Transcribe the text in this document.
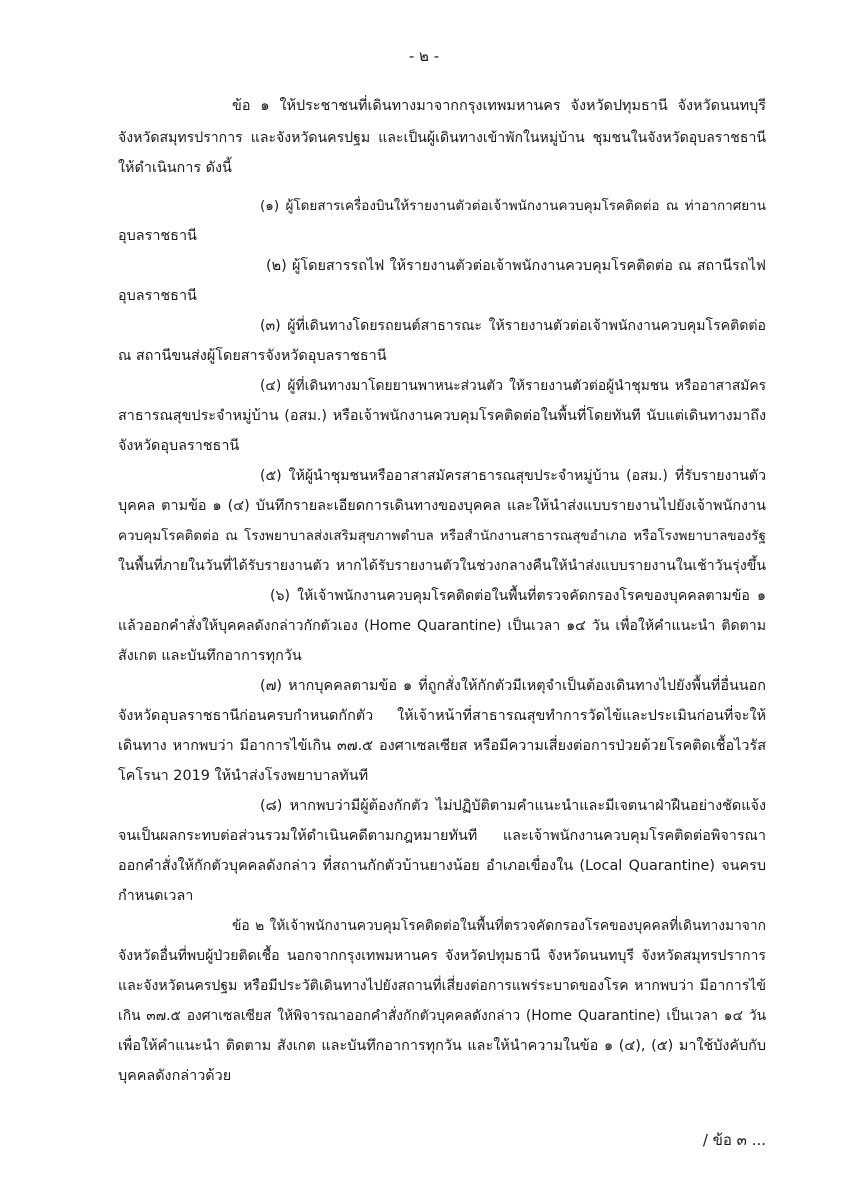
- ๒ -
ข้อ ๑ ให้ประชาชนที่เดินทางมาจากกรุงเทพมหานคร จังหวัดปทุมธานี จังหวัดนนทบุรี
จังหวัดสมุทรปราการ และจังหวัดนครปฐม และเป็นผู้เดินทางเข้าพักในหมู่บ้าน ชุมชนในจังหวัดอุบลราชธานี
ให้ดำเนินการ ดังนี้
(๑) ผู้โดยสารเครื่องบินให้รายงานตัวต่อเจ้าพนักงานควบคุมโรคติดต่อ ณ ท่าอากาศยาน
อุบลราชธานี
(๒) ผู้โดยสารรถไฟ ให้รายงานตัวต่อเจ้าพนักงานควบคุมโรคติดต่อ ณ สถานีรถไฟ
อุบลราชธานี
(๓) ผู้ที่เดินทางโดยรถยนต์สาธารณะ ให้รายงานตัวต่อเจ้าพนักงานควบคุมโรคติดต่อ
ณ สถานีขนส่งผู้โดยสารจังหวัดอุบลราชธานี
(๔) ผู้ที่เดินทางมาโดยยานพาหนะส่วนตัว ให้รายงานตัวต่อผู้นำชุมชน หรืออาสาสมัคร
สาธารณสุขประจำหมู่บ้าน (อสม.) หรือเจ้าพนักงานควบคุมโรคติดต่อในพื้นที่โดยทันที นับแต่เดินทางมาถึง
จังหวัดอุบลราชธานี
(๕) ให้ผู้นำชุมชนหรืออาสาสมัครสาธารณสุขประจำหมู่บ้าน (อสม.) ที่รับรายงานตัว
บุคคล ตามข้อ ๑ (๔) บันทึกรายละเอียดการเดินทางของบุคคล และให้นำส่งแบบรายงานไปยังเจ้าพนักงาน
ควบคุมโรคติดต่อ ณ โรงพยาบาลส่งเสริมสุขภาพตำบล หรือสำนักงานสาธารณสุขอำเภอ หรือโรงพยาบาลของรัฐ
ในพื้นที่ภายในวันที่ได้รับรายงานตัว หากได้รับรายงานตัวในช่วงกลางคืนให้นำส่งแบบรายงานในเช้าวันรุ่งขึ้น
(๖) ให้เจ้าพนักงานควบคุมโรคติดต่อในพื้นที่ตรวจคัดกรองโรคของบุคคลตามข้อ ๑
แล้วออกคำสั่งให้บุคคลดังกล่าวกักตัวเอง (Home Quarantine) เป็นเวลา ๑๔ วัน เพื่อให้คำแนะนำ ติดตาม
สังเกต และบันทึกอาการทุกวัน
(๗) หากบุคคลตามข้อ ๑ ที่ถูกสั่งให้กักตัวมีเหตุจำเป็นต้องเดินทางไปยังพื้นที่อื่นนอก
จังหวัดอุบลราชธานีก่อนครบกำหนดกักตัว ให้เจ้าหน้าที่สาธารณสุขทำการวัดไข้และประเมินก่อนที่จะให้
เดินทาง หากพบว่า มีอาการไข้เกิน ๓๗.๕ องศาเซลเซียส หรือมีความเสี่ยงต่อการป่วยด้วยโรคติดเชื้อไวรัส
โคโรนา 2019 ให้นำส่งโรงพยาบาลทันที
(๘) หากพบว่ามีผู้ต้องกักตัว ไม่ปฏิบัติตามคำแนะนำและมีเจตนาฝ่าฝืนอย่างชัดแจ้ง
จนเป็นผลกระทบต่อส่วนรวมให้ดำเนินคดีตามกฎหมายทันที และเจ้าพนักงานควบคุมโรคติดต่อพิจารณา
ออกคำสั่งให้กักตัวบุคคลดังกล่าว ที่สถานกักตัวบ้านยางน้อย อำเภอเขื่องใน (Local Quarantine) จนครบ
กำหนดเวลา
ข้อ ๒ ให้เจ้าพนักงานควบคุมโรคติดต่อในพื้นที่ตรวจคัดกรองโรคของบุคคลที่เดินทางมาจาก
จังหวัดอื่นที่พบผู้ป่วยติดเชื้อ นอกจากกรุงเทพมหานคร จังหวัดปทุมธานี จังหวัดนนทบุรี จังหวัดสมุทรปราการ
และจังหวัดนครปฐม หรือมีประวัติเดินทางไปยังสถานที่เสี่ยงต่อการแพร่ระบาดของโรค หากพบว่า มีอาการไข้
เกิน ๓๗.๕ องศาเซลเซียส ให้พิจารณาออกคำสั่งกักตัวบุคคลดังกล่าว (Home Quarantine) เป็นเวลา ๑๔ วัน
เพื่อให้คำแนะนำ ติดตาม สังเกต และบันทึกอาการทุกวัน และให้นำความในข้อ ๑ (๔), (๕) มาใช้บังคับกับ
บุคคลดังกล่าวด้วย
/ ข้อ ๓ ...
